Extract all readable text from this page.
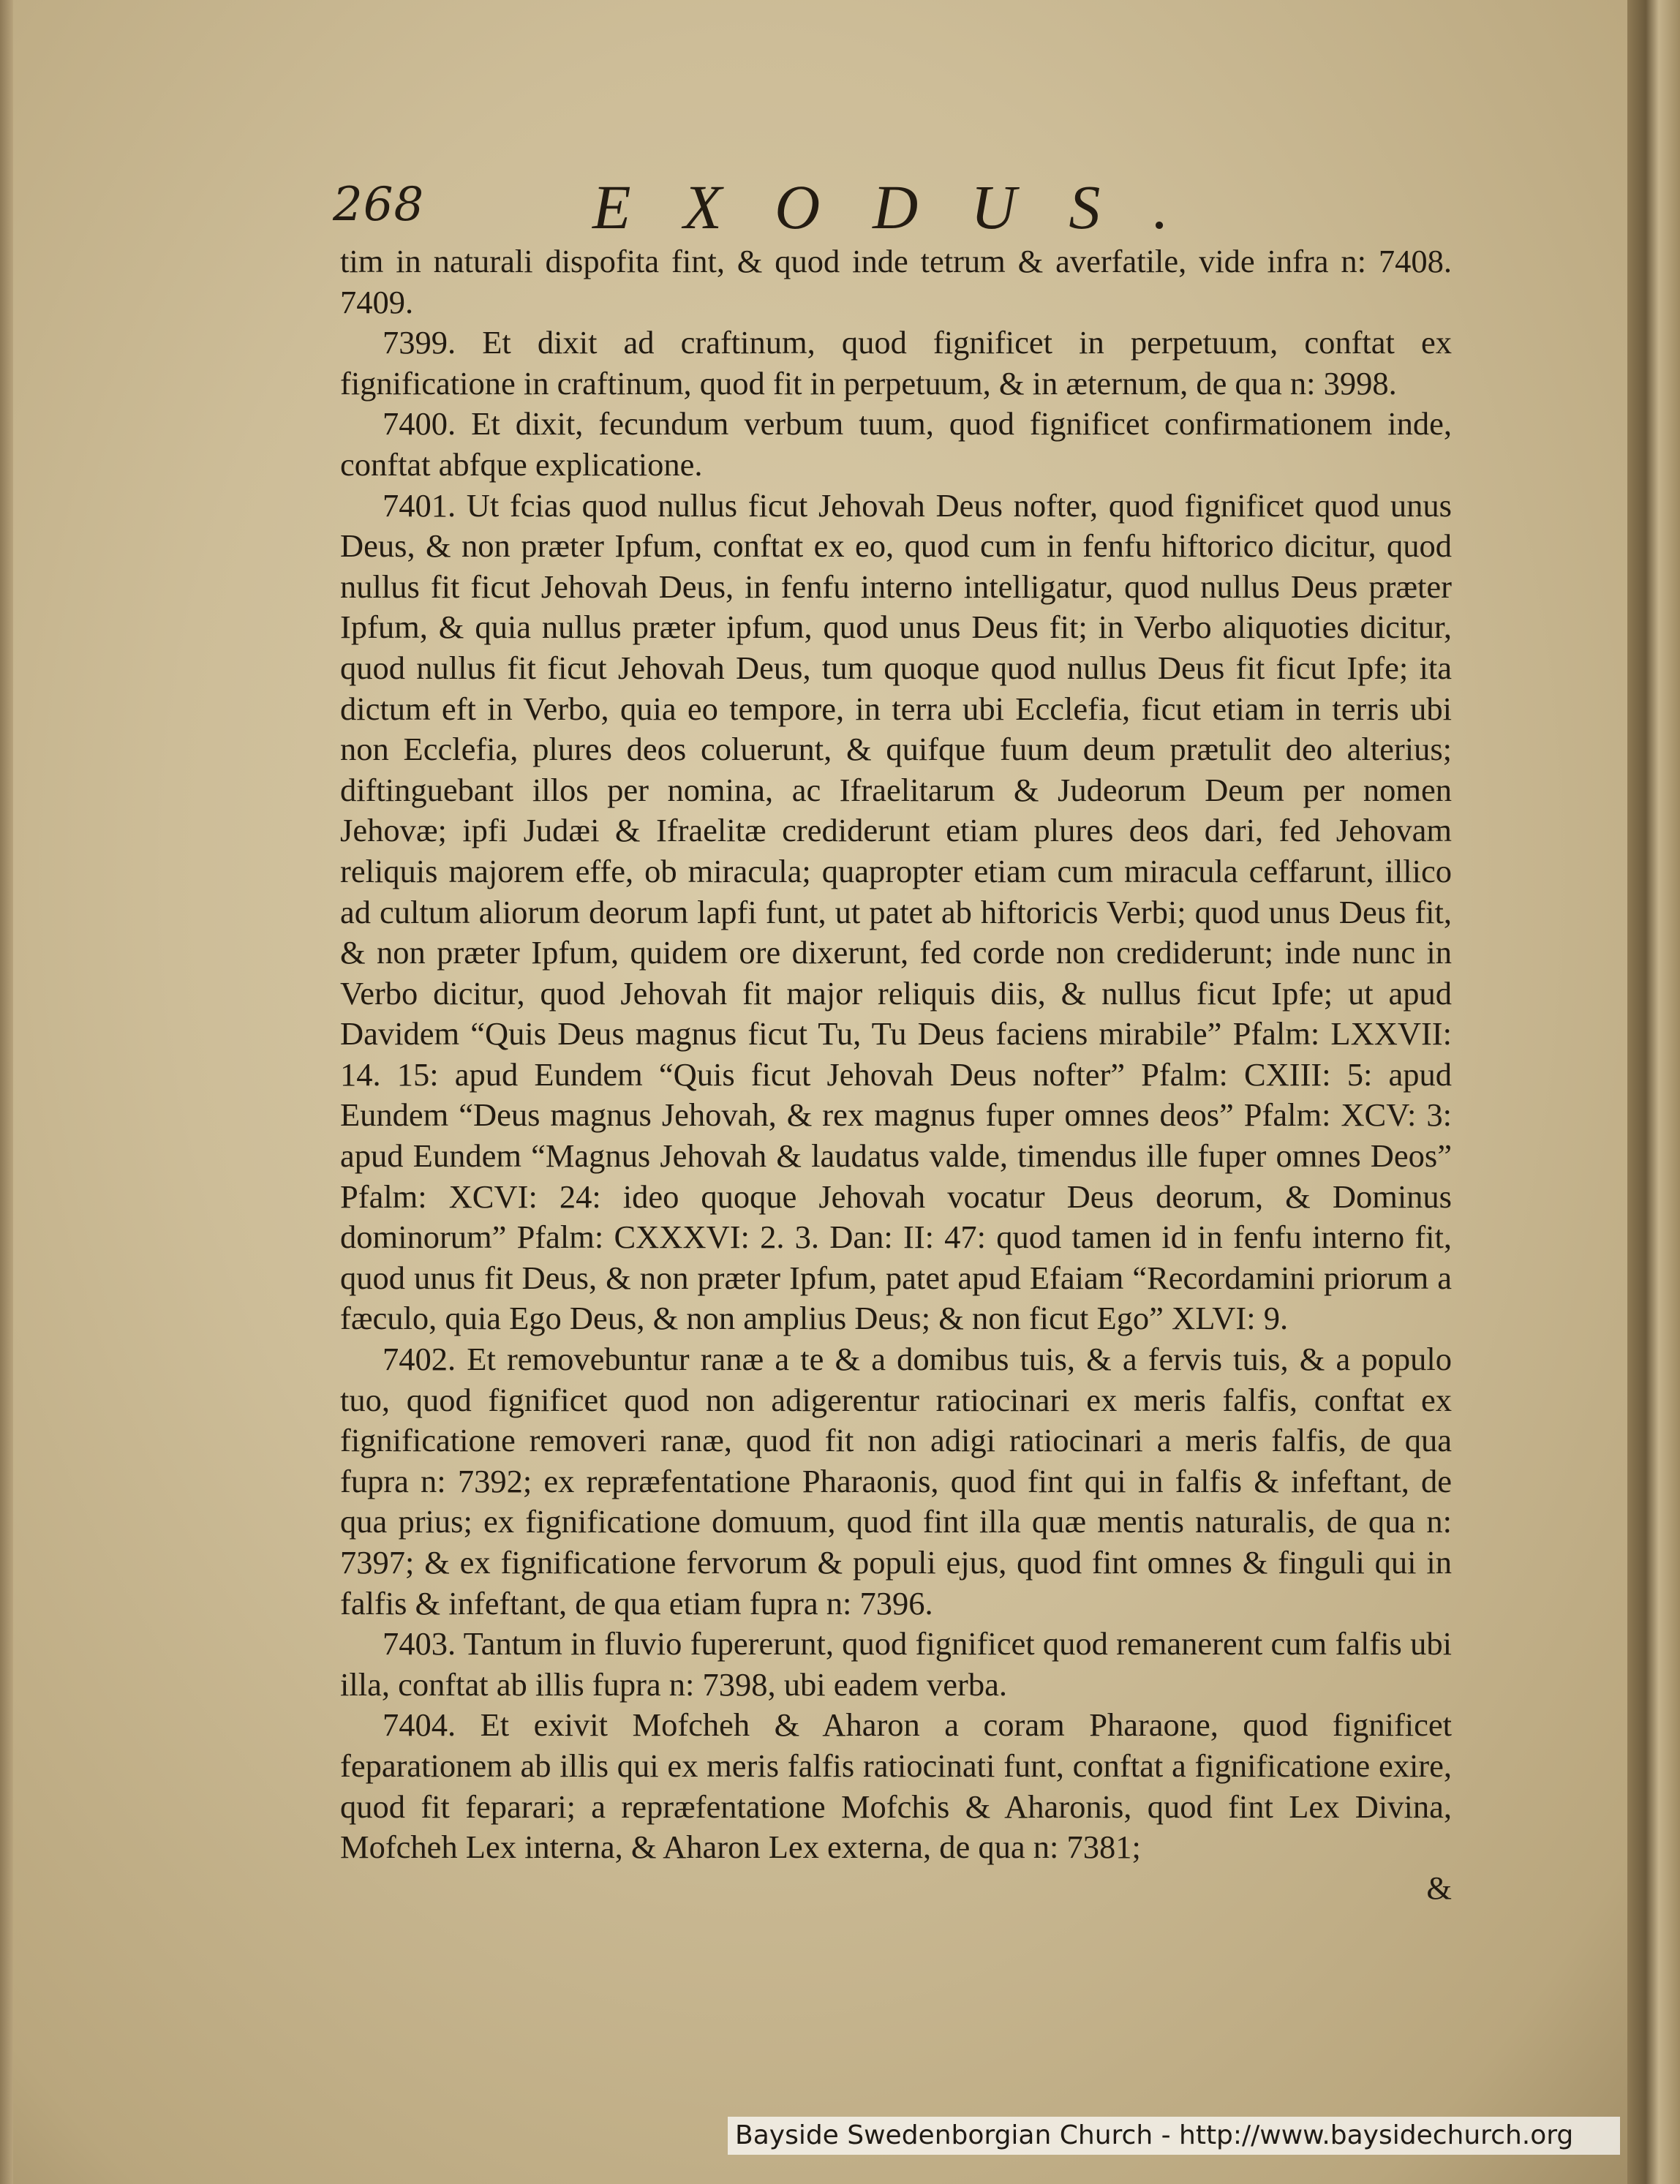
268	EXODUS.

tim in naturali dispofita fint, & quod inde tetrum & averfatile, vide infra n: 7408. 7409.

7399. Et dixit ad craftinum, quod fignificet in perpetuum, conftat ex fignificatione in craftinum, quod fit in perpetuum, & in æternum, de qua n: 3998.

7400. Et dixit, fecundum verbum tuum, quod fignificet confirmationem inde, conftat abfque explicatione.

7401. Ut fcias quod nullus ficut Jehovah Deus nofter, quod fignificet quod unus Deus, & non præter Ipfum, conftat ex eo, quod cum in fenfu hiftorico dicitur, quod nullus fit ficut Jehovah Deus, in fenfu interno intelligatur, quod nullus Deus præter Ipfum, & quia nullus præter ipfum, quod unus Deus fit; in Verbo aliquoties dicitur, quod nullus fit ficut Jehovah Deus, tum quoque quod nullus Deus fit ficut Ipfe; ita dictum eft in Verbo, quia eo tempore, in terra ubi Ecclefia, ficut etiam in terris ubi non Ecclefia, plures deos coluerunt, & quifque fuum deum prætulit deo alterius; diftinguebant illos per nomina, ac Ifraelitarum & Judeorum Deum per nomen Jehovæ; ipfi Judæi & Ifraelitæ crediderunt etiam plures deos dari, fed Jehovam reliquis majorem effe, ob miracula; quapropter etiam cum miracula ceffarunt, illico ad cultum aliorum deorum lapfi funt, ut patet ab hiftoricis Verbi; quod unus Deus fit, & non præter Ipfum, quidem ore dixerunt, fed corde non crediderunt; inde nunc in Verbo dicitur, quod Jehovah fit major reliquis diis, & nullus ficut Ipfe; ut apud Davidem “Quis Deus magnus ficut Tu, Tu Deus faciens mirabile” Pfalm: LXXVII: 14. 15: apud Eundem “Quis ficut Jehovah Deus nofter” Pfalm: CXIII: 5: apud Eundem “Deus magnus Jehovah, & rex magnus fuper omnes deos” Pfalm: XCV: 3: apud Eundem “Magnus Jehovah & laudatus valde, timendus ille fuper omnes Deos” Pfalm: XCVI: 24: ideo quoque Jehovah vocatur Deus deorum, & Dominus dominorum” Pfalm: CXXXVI: 2. 3. Dan: II: 47: quod tamen id in fenfu interno fit, quod unus fit Deus, & non præter Ipfum, patet apud Efaiam “Recordamini priorum a fæculo, quia Ego Deus, & non amplius Deus; & non ficut Ego” XLVI: 9.

7402. Et removebuntur ranæ a te & a domibus tuis, & a fervis tuis, & a populo tuo, quod fignificet quod non adigerentur ratiocinari ex meris falfis, conftat ex fignificatione removeri ranæ, quod fit non adigi ratiocinari a meris falfis, de qua fupra n: 7392; ex repræfentatione Pharaonis, quod fint qui in falfis & infeftant, de qua prius; ex fignificatione domuum, quod fint illa quæ mentis naturalis, de qua n: 7397; & ex fignificatione fervorum & populi ejus, quod fint omnes & finguli qui in falfis & infeftant, de qua etiam fupra n: 7396.

7403. Tantum in fluvio fupererunt, quod fignificet quod remanerent cum falfis ubi illa, conftat ab illis fupra n: 7398, ubi eadem verba.

7404. Et exivit Mofcheh & Aharon a coram Pharaone, quod fignificet feparationem ab illis qui ex meris falfis ratiocinati funt, conftat a fignificatione exire, quod fit feparari; a repræfentatione Mofchis & Aharonis, quod fint Lex Divina, Mofcheh Lex interna, & Aharon Lex externa, de qua n: 7381;

&

Bayside Swedenborgian Church - http://www.baysidechurch.org
